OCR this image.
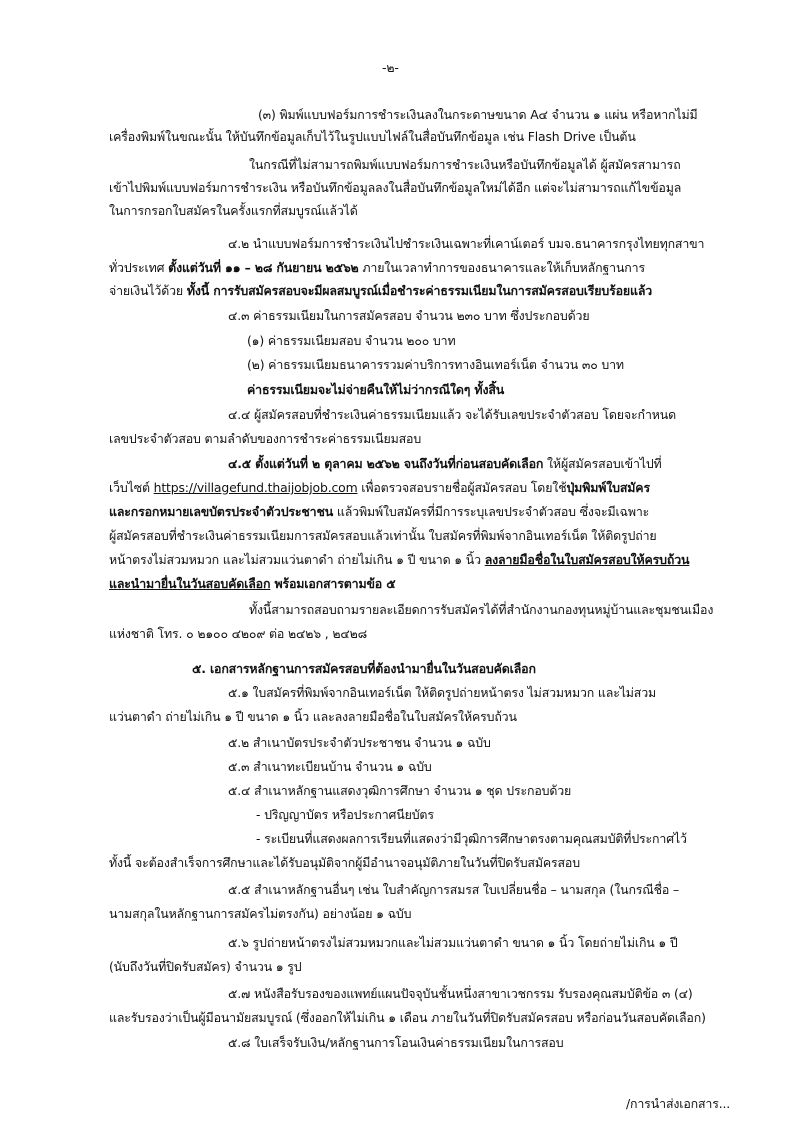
-๒-
(๓) พิมพ์แบบฟอร์มการชำระเงินลงในกระดาษขนาด A๔ จำนวน ๑ แผ่น หรือหากไม่มี
เครื่องพิมพ์ในขณะนั้น ให้บันทึกข้อมูลเก็บไว้ในรูปแบบไฟล์ในสื่อบันทึกข้อมูล เช่น Flash Drive เป็นต้น
ในกรณีที่ไม่สามารถพิมพ์แบบฟอร์มการชำระเงินหรือบันทึกข้อมูลได้ ผู้สมัครสามารถ
เข้าไปพิมพ์แบบฟอร์มการชำระเงิน หรือบันทึกข้อมูลลงในสื่อบันทึกข้อมูลใหม่ได้อีก แต่จะไม่สามารถแก้ไขข้อมูล
ในการกรอกใบสมัครในครั้งแรกที่สมบูรณ์แล้วได้
๔.๒ นำแบบฟอร์มการชำระเงินไปชำระเงินเฉพาะที่เคาน์เตอร์ บมจ.ธนาคารกรุงไทยทุกสาขา
ทั่วประเทศ ตั้งแต่วันที่ ๑๑ – ๒๘ กันยายน ๒๕๖๒ ภายในเวลาทำการของธนาคารและให้เก็บหลักฐานการ
จ่ายเงินไว้ด้วย ทั้งนี้ การรับสมัครสอบจะมีผลสมบูรณ์เมื่อชำระค่าธรรมเนียมในการสมัครสอบเรียบร้อยแล้ว
๔.๓ ค่าธรรมเนียมในการสมัครสอบ จำนวน ๒๓๐ บาท ซึ่งประกอบด้วย
(๑) ค่าธรรมเนียมสอบ จำนวน ๒๐๐ บาท
(๒) ค่าธรรมเนียมธนาคารรวมค่าบริการทางอินเทอร์เน็ต จำนวน ๓๐ บาท
ค่าธรรมเนียมจะไม่จ่ายคืนให้ไม่ว่ากรณีใดๆ ทั้งสิ้น
๔.๔ ผู้สมัครสอบที่ชำระเงินค่าธรรมเนียมแล้ว จะได้รับเลขประจำตัวสอบ โดยจะกำหนด
เลขประจำตัวสอบ ตามลำดับของการชำระค่าธรรมเนียมสอบ
๔.๕ ตั้งแต่วันที่ ๒ ตุลาคม ๒๕๖๒ จนถึงวันที่ก่อนสอบคัดเลือก ให้ผู้สมัครสอบเข้าไปที่
เว็บไซต์ https://villagefund.thaijobjob.com เพื่อตรวจสอบรายชื่อผู้สมัครสอบ โดยใช้ปุ่มพิมพ์ใบสมัคร
และกรอกหมายเลขบัตรประจำตัวประชาชน แล้วพิมพ์ใบสมัครที่มีการระบุเลขประจำตัวสอบ ซึ่งจะมีเฉพาะ
ผู้สมัครสอบที่ชำระเงินค่าธรรมเนียมการสมัครสอบแล้วเท่านั้น ใบสมัครที่พิมพ์จากอินเทอร์เน็ต ให้ติดรูปถ่าย
หน้าตรงไม่สวมหมวก และไม่สวมแว่นตาดำ ถ่ายไม่เกิน ๑ ปี ขนาด ๑ นิ้ว ลงลายมือชื่อในใบสมัครสอบให้ครบถ้วน
และนำมายื่นในวันสอบคัดเลือก พร้อมเอกสารตามข้อ ๕
ทั้งนี้สามารถสอบถามรายละเอียดการรับสมัครได้ที่สำนักงานกองทุนหมู่บ้านและชุมชนเมือง
แห่งชาติ โทร. ๐ ๒๑๐๐ ๔๒๐๙ ต่อ ๒๔๒๖ , ๒๔๒๘
๕. เอกสารหลักฐานการสมัครสอบที่ต้องนำมายื่นในวันสอบคัดเลือก
๕.๑ ใบสมัครที่พิมพ์จากอินเทอร์เน็ต ให้ติดรูปถ่ายหน้าตรง ไม่สวมหมวก และไม่สวม
แว่นตาดำ ถ่ายไม่เกิน ๑ ปี ขนาด ๑ นิ้ว และลงลายมือชื่อในใบสมัครให้ครบถ้วน
๕.๒ สำเนาบัตรประจำตัวประชาชน จำนวน ๑ ฉบับ
๕.๓ สำเนาทะเบียนบ้าน จำนวน ๑ ฉบับ
๕.๔ สำเนาหลักฐานแสดงวุฒิการศึกษา จำนวน ๑ ชุด ประกอบด้วย
- ปริญญาบัตร หรือประกาศนียบัตร
- ระเบียนที่แสดงผลการเรียนที่แสดงว่ามีวุฒิการศึกษาตรงตามคุณสมบัติที่ประกาศไว้
ทั้งนี้ จะต้องสำเร็จการศึกษาและได้รับอนุมัติจากผู้มีอำนาจอนุมัติภายในวันที่ปิดรับสมัครสอบ
๕.๕ สำเนาหลักฐานอื่นๆ เช่น ใบสำคัญการสมรส ใบเปลี่ยนชื่อ – นามสกุล (ในกรณีชื่อ –
นามสกุลในหลักฐานการสมัครไม่ตรงกัน) อย่างน้อย ๑ ฉบับ
๕.๖ รูปถ่ายหน้าตรงไม่สวมหมวกและไม่สวมแว่นตาดำ ขนาด ๑ นิ้ว โดยถ่ายไม่เกิน ๑ ปี
(นับถึงวันที่ปิดรับสมัคร) จำนวน ๑ รูป
๕.๗ หนังสือรับรองของแพทย์แผนปัจจุบันชั้นหนึ่งสาขาเวชกรรม รับรองคุณสมบัติข้อ ๓ (๔)
และรับรองว่าเป็นผู้มีอนามัยสมบูรณ์ (ซึ่งออกให้ไม่เกิน ๑ เดือน ภายในวันที่ปิดรับสมัครสอบ หรือก่อนวันสอบคัดเลือก)
๕.๘ ใบเสร็จรับเงิน/หลักฐานการโอนเงินค่าธรรมเนียมในการสอบ
/การนำส่งเอกสาร...
